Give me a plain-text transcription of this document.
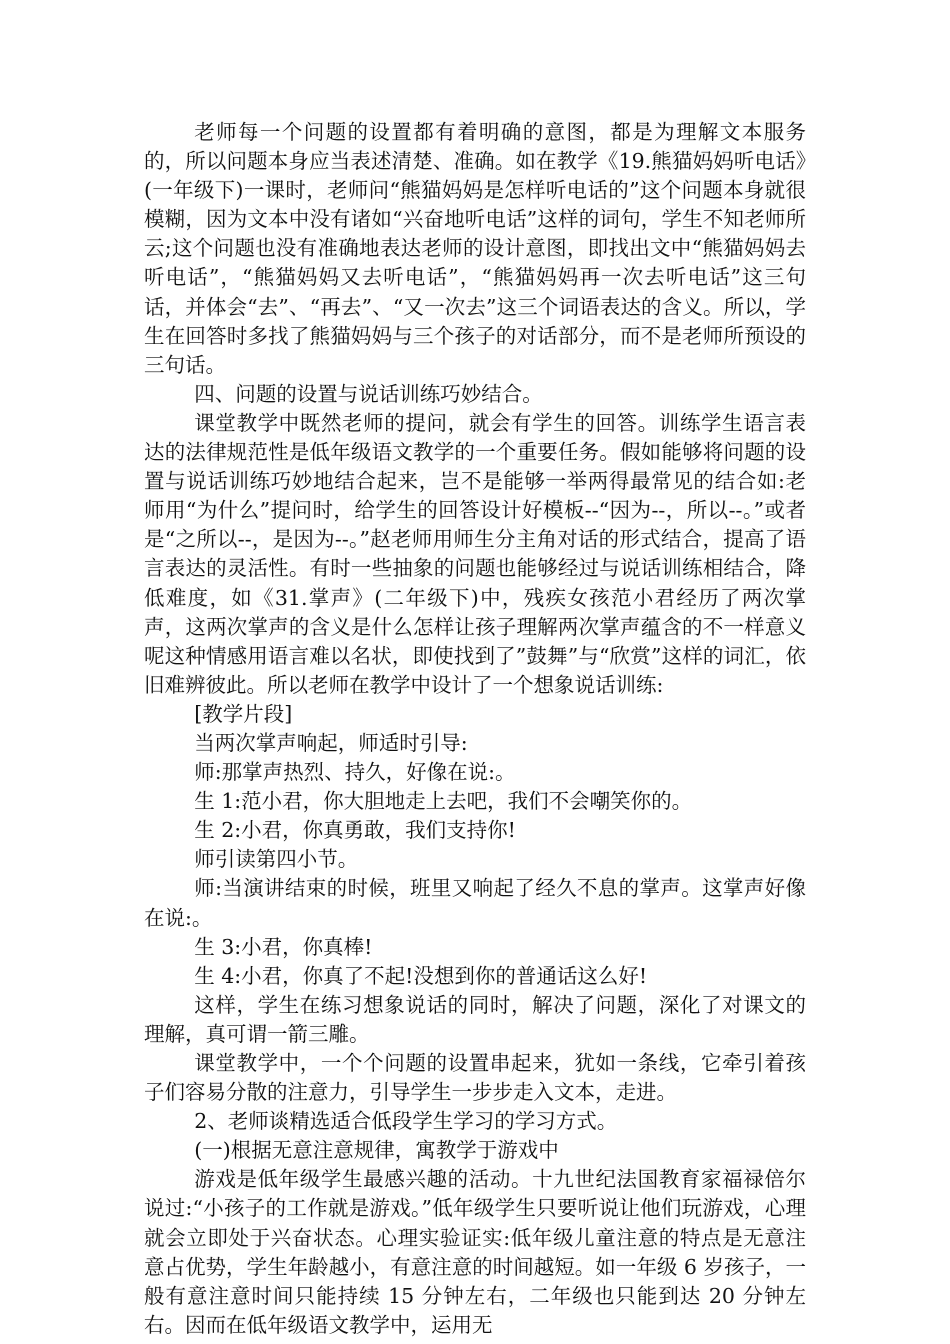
老师每一个问题的设置都有着明确的意图，都是为理解文本服务的，所以问题本身应当表述清楚、准确。如在教学《19.熊猫妈妈听电话》(一年级下)一课时，老师问“熊猫妈妈是怎样听电话的”这个问题本身就很模糊，因为文本中没有诸如“兴奋地听电话”这样的词句，学生不知老师所云;这个问题也没有准确地表达老师的设计意图，即找出文中“熊猫妈妈去听电话”，“熊猫妈妈又去听电话”，“熊猫妈妈再一次去听电话”这三句话，并体会“去”、“再去”、“又一次去”这三个词语表达的含义。所以，学生在回答时多找了熊猫妈妈与三个孩子的对话部分，而不是老师所预设的三句话。

四、问题的设置与说话训练巧妙结合。

课堂教学中既然老师的提问，就会有学生的回答。训练学生语言表达的法律规范性是低年级语文教学的一个重要任务。假如能够将问题的设置与说话训练巧妙地结合起来，岂不是能够一举两得最常见的结合如:老师用“为什么”提问时，给学生的回答设计好模板--“因为--，所以--。”或者是“之所以--，是因为--。”赵老师用师生分主角对话的形式结合，提高了语言表达的灵活性。有时一些抽象的问题也能够经过与说话训练相结合，降低难度，如《31.掌声》(二年级下)中，残疾女孩范小君经历了两次掌声，这两次掌声的含义是什么怎样让孩子理解两次掌声蕴含的不一样意义呢这种情感用语言难以名状，即使找到了”鼓舞”与“欣赏”这样的词汇，依旧难辨彼此。所以老师在教学中设计了一个想象说话训练:

[教学片段]

当两次掌声响起，师适时引导:

师:那掌声热烈、持久，好像在说:。

生 1:范小君，你大胆地走上去吧，我们不会嘲笑你的。

生 2:小君，你真勇敢，我们支持你!

师引读第四小节。

师:当演讲结束的时候，班里又响起了经久不息的掌声。这掌声好像在说:。

生 3:小君，你真棒!

生 4:小君，你真了不起!没想到你的普通话这么好!

这样，学生在练习想象说话的同时，解决了问题，深化了对课文的理解，真可谓一箭三雕。

课堂教学中，一个个问题的设置串起来，犹如一条线，它牵引着孩子们容易分散的注意力，引导学生一步步走入文本，走进。

2、老师谈精选适合低段学生学习的学习方式。

(一)根据无意注意规律，寓教学于游戏中

游戏是低年级学生最感兴趣的活动。十九世纪法国教育家福禄倍尔说过:“小孩子的工作就是游戏。”低年级学生只要听说让他们玩游戏，心理就会立即处于兴奋状态。心理实验证实:低年级儿童注意的特点是无意注意占优势，学生年龄越小，有意注意的时间越短。如一年级 6 岁孩子，一般有意注意时间只能持续 15 分钟左右，二年级也只能到达 20 分钟左右。因而在低年级语文教学中，运用无
